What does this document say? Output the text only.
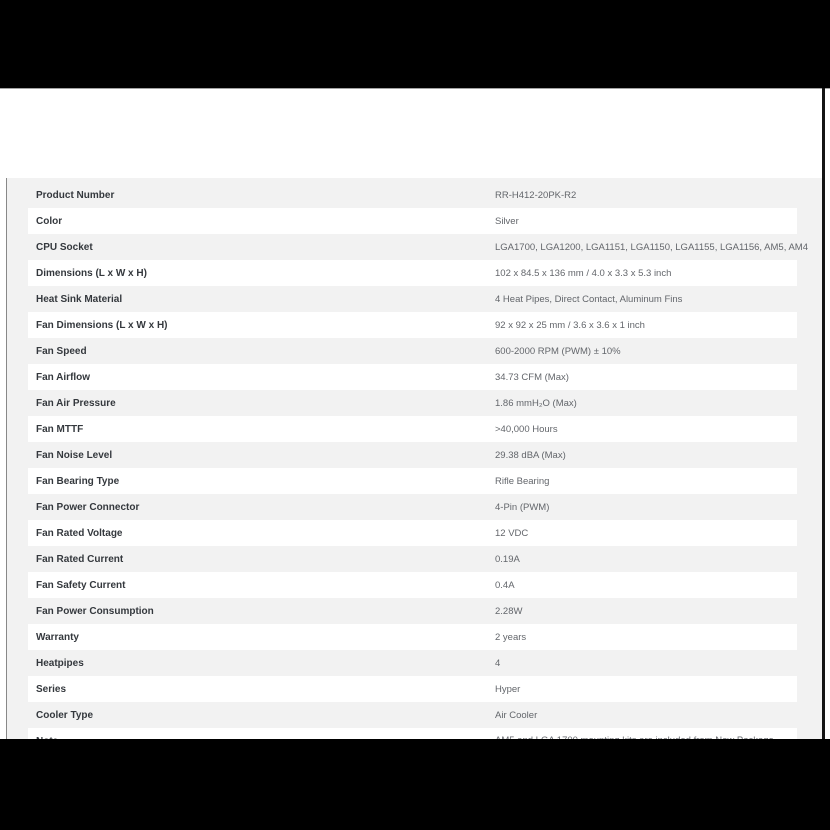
Product Number	RR-H412-20PK-R2
Color	Silver
CPU Socket	LGA1700, LGA1200, LGA1151, LGA1150, LGA1155, LGA1156, AM5, AM4
Dimensions (L x W x H)	102 x 84.5 x 136 mm / 4.0 x 3.3 x 5.3 inch
Heat Sink Material	4 Heat Pipes, Direct Contact, Aluminum Fins
Fan Dimensions (L x W x H)	92 x 92 x 25 mm / 3.6 x 3.6 x 1 inch
Fan Speed	600-2000 RPM (PWM) ± 10%
Fan Airflow	34.73 CFM (Max)
Fan Air Pressure	1.86 mmH₂O (Max)
Fan MTTF	>40,000 Hours
Fan Noise Level	29.38 dBA (Max)
Fan Bearing Type	Rifle Bearing
Fan Power Connector	4-Pin (PWM)
Fan Rated Voltage	12 VDC
Fan Rated Current	0.19A
Fan Safety Current	0.4A
Fan Power Consumption	2.28W
Warranty	2 years
Heatpipes	4
Series	Hyper
Cooler Type	Air Cooler
